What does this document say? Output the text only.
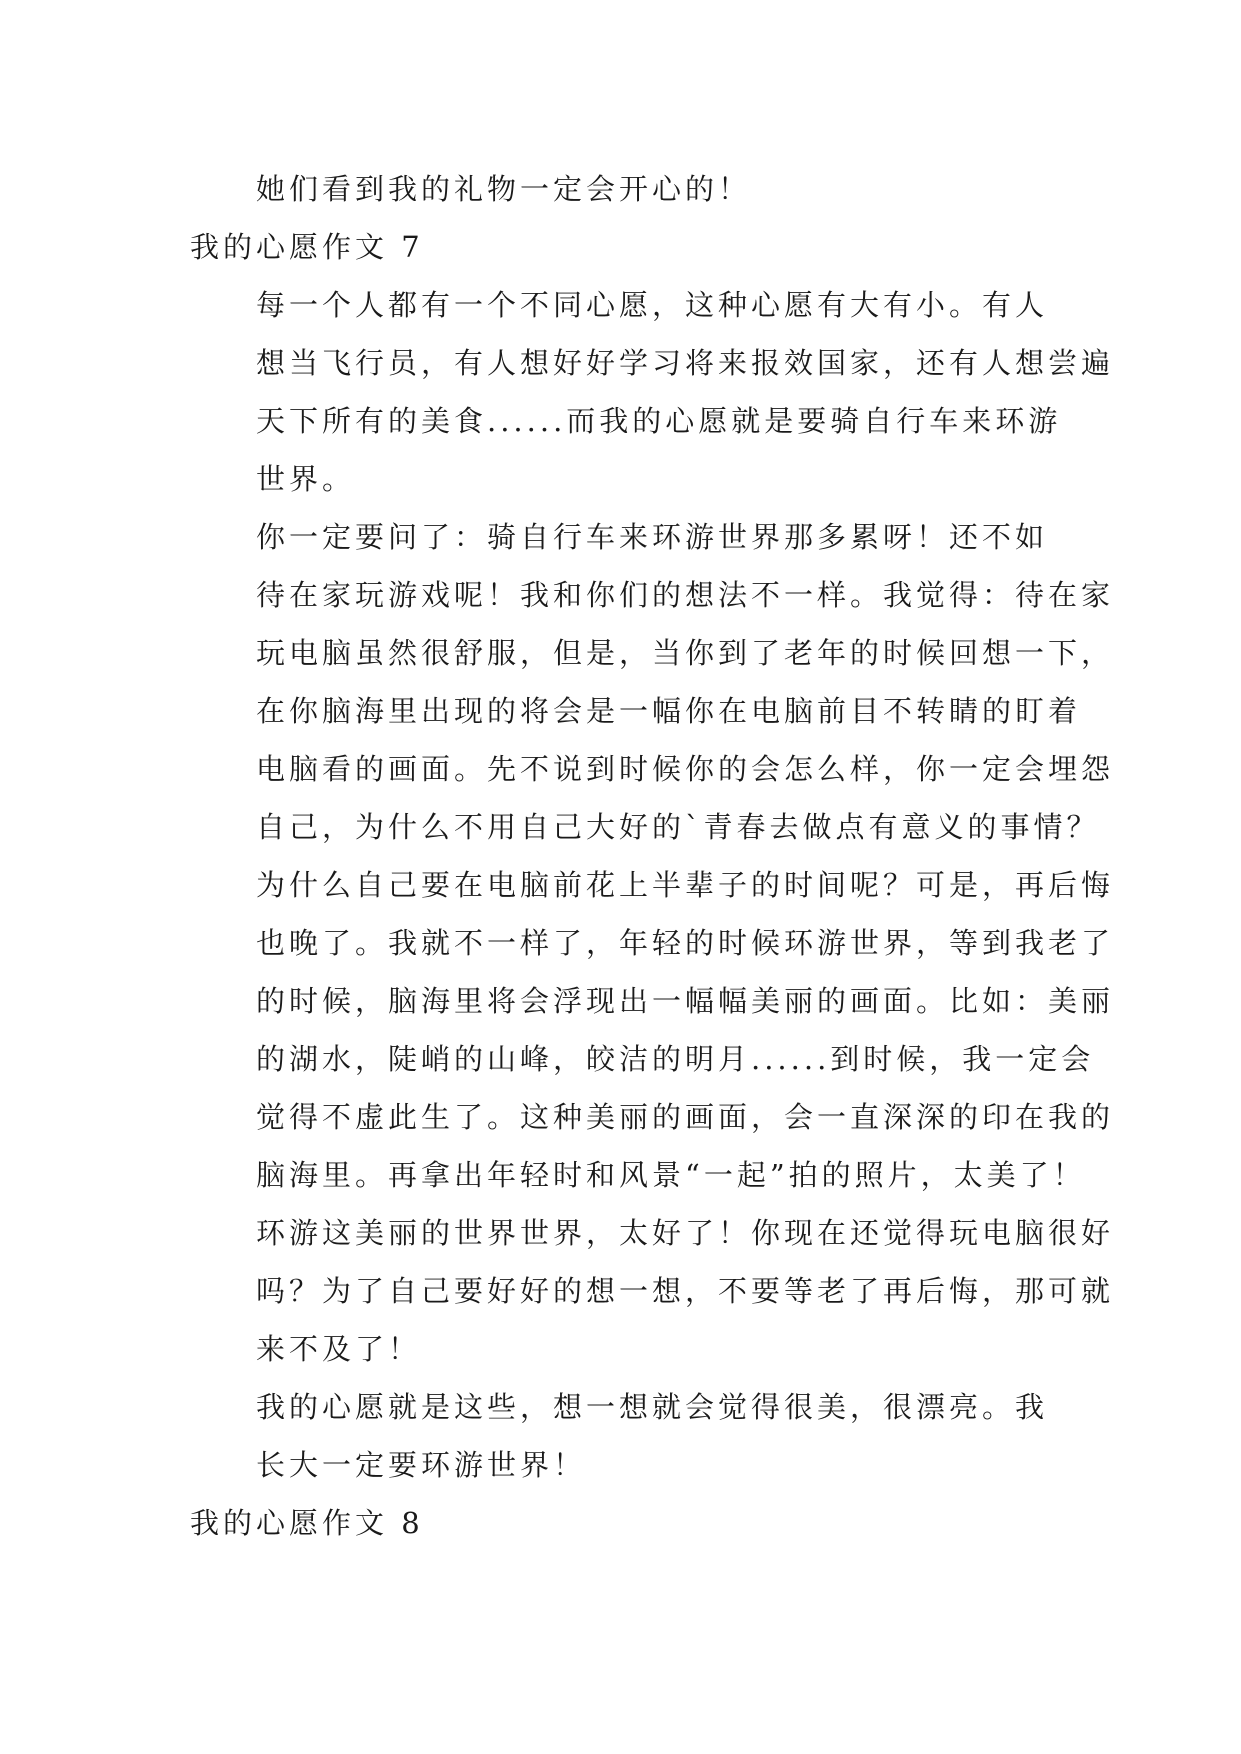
她们看到我的礼物一定会开心的！
我的心愿作文 7
每一个人都有一个不同心愿，这种心愿有大有小。有人
想当飞行员，有人想好好学习将来报效国家，还有人想尝遍
天下所有的美食......而我的心愿就是要骑自行车来环游
世界。
你一定要问了：骑自行车来环游世界那多累呀！还不如
待在家玩游戏呢！我和你们的想法不一样。我觉得：待在家
玩电脑虽然很舒服，但是，当你到了老年的时候回想一下，
在你脑海里出现的将会是一幅你在电脑前目不转睛的盯着
电脑看的画面。先不说到时候你的会怎么样，你一定会埋怨
自己，为什么不用自己大好的`青春去做点有意义的事情？
为什么自己要在电脑前花上半辈子的时间呢？可是，再后悔
也晚了。我就不一样了，年轻的时候环游世界，等到我老了
的时候，脑海里将会浮现出一幅幅美丽的画面。比如：美丽
的湖水，陡峭的山峰，皎洁的明月......到时候，我一定会
觉得不虚此生了。这种美丽的画面，会一直深深的印在我的
脑海里。再拿出年轻时和风景“一起”拍的照片，太美了！
环游这美丽的世界世界，太好了！你现在还觉得玩电脑很好
吗？为了自己要好好的想一想，不要等老了再后悔，那可就
来不及了！
我的心愿就是这些，想一想就会觉得很美，很漂亮。我
长大一定要环游世界！
我的心愿作文 8
